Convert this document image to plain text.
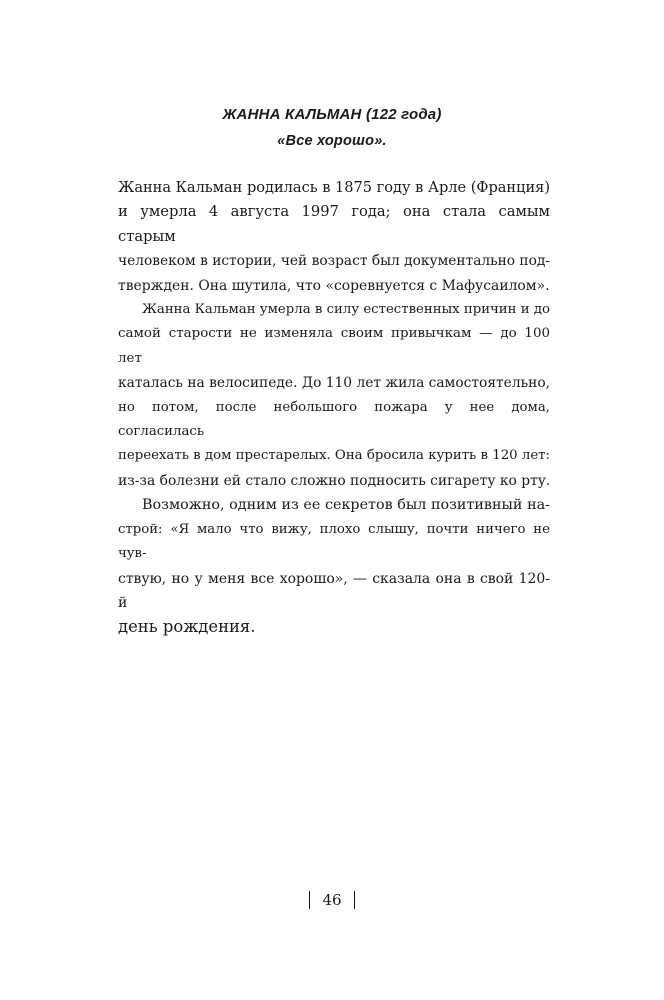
ЖАННА КАЛЬМАН (122 года)
«Все хорошо».
Жанна Кальман родилась в 1875 году в Арле (Франция)
и умерла 4 августа 1997 года; она стала самым старым
человеком в истории, чей возраст был документально под-
твержден. Она шутила, что «соревнуется с Мафусаилом».
Жанна Кальман умерла в силу естественных причин и до
самой старости не изменяла своим привычкам — до 100 лет
каталась на велосипеде. До 110 лет жила самостоятельно,
но потом, после небольшого пожара у нее дома, согласилась
переехать в дом престарелых. Она бросила курить в 120 лет:
из-за болезни ей стало сложно подносить сигарету ко рту.
Возможно, одним из ее секретов был позитивный на-
строй: «Я мало что вижу, плохо слышу, почти ничего не чув-
ствую, но у меня все хорошо», — сказала она в свой 120-й
день рождения.
46
